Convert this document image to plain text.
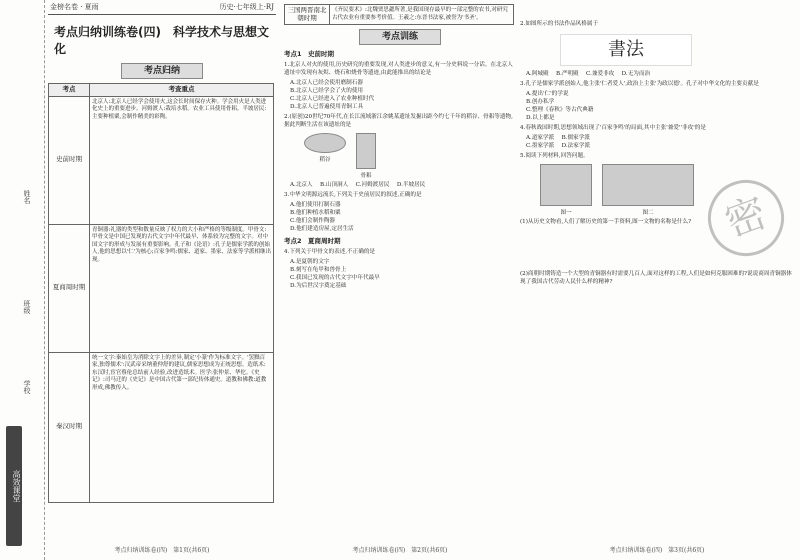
姓名
班级
学校
高效课堂
金榜名卷 · 夏雨	历史·七年级上·RJ
考点归纳训练卷(四)　科学技术与思想文化
考点归纳
考点	考查重点
史前时期	北京人:北京人已经学会使用火,这会长时间保存火种。学会用火是人类进化史上的重要进步。河姆渡人:栽培水稻。农业工具使用骨耜。半坡居民:主要种植粟,会制作精美的彩陶。
夏商周时期	青铜器:礼器的类型和数量反映了权力的大小和严格的等级制度。甲骨文:甲骨文是中国已发现的古代文字中年代最早、体系较为完整的文字。对中国文字的形成与发展有重要影响。孔子和《论语》:孔子是儒家学派的创始人,他的思想以'仁'为核心;百家争鸣:儒家、道家、墨家、法家等学派相继出现。
秦汉时期	统一文字:秦始皇为消除文字上的差异,制定'小篆'作为标准文字。'罢黜百家,独尊儒术':汉武帝采纳董仲舒的建议,儒家思想成为正统思想。造纸术:东汉时,宦官蔡伦总结前人经验,改进造纸术。医学:张仲景、华佗。《史记》:司马迁的《史记》是中国古代第一部纪传体通史。道教和佛教:道教形成,佛教传入。
考点归纳训练卷(四)　第1页(共6页)
三国两晋南北朝时期	《齐民要术》:北魏贾思勰所著,是我国现存最早的一部完整的农书,对研究古代农业有重要参考价值。王羲之:东晋书法家,被誉为'书圣'。
考点训练
考点1　史前时期
1.北京人对火的使用,历史研究的重要发现,对人类进步的意义,有一分史料说一分话。在北京人遗址中发现有灰烬、烧石和烧骨等遗迹,由此能推出的结论是
A.北京人已经会使用磨制石器
B.北京人已经学会了火的使用
C.北京人已经进入了农业种植时代
D.北京人已普遍使用青铜工具
2.(原创)20世纪70年代,在长江流域浙江余姚某遗址发掘出距今约七千年的稻谷、骨耜等遗物,据此判断生活在该遗址的是

稻谷

骨耜
A.北京人　 B.山顶洞人　 C.河姆渡居民　 D.半坡居民
3.中华文明源远流长,下列关于史前居民的叙述,正确的是
A.他们使用打制石器
B.他们种植水稻和粟
C.他们会制作陶器
D.他们建造房屋,定居生活
考点2　夏商周时期
4.下列关于甲骨文的表述,不正确的是
A.是夏朝的文字
B.刻写在龟甲和兽骨上
C.我国已发现的古代文字中年代最早
D.为后世汉字奠定基础
考点归纳训练卷(四)　第2页(共6页)
2.如图所示的书法作品风格属于
書法
A.阿城殿　 B.严明殿　 C.兼爱非攻　 D.无为而治
3.孔子是儒家学派创始人,他主张'仁者爱人',政治上主张'为政以德'。孔子对中华文化的主要贡献是
A.提出'仁'的学说
B.创办私学
C.整理《春秋》等古代典籍
D.以上都是
4.春秋战国时期,思想领域出现了'百家争鸣'的局面,其中主张'兼爱''非攻'的是
A.道家学派　 B.儒家学派
C.墨家学派　 D.法家学派
5.阅读下列材料,回答问题。

图一	图二
(1)从历史文物看,人们了解历史的第一手资料,图一文物的名称是什么?
(2)商朝时期铸造一个大型的青铜器有时需要几百人,面对这样的工程,人们是如何克服困难的?说说商周青铜器体现了我国古代劳动人民什么样的精神?
密
考点归纳训练卷(四)　第3页(共6页)
